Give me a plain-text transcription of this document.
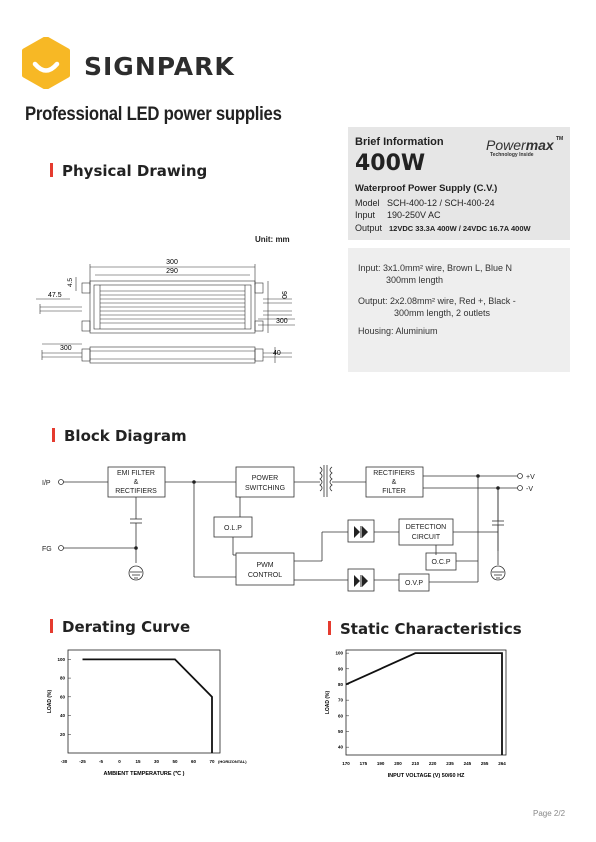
SIGNPARK
Professional LED power supplies
Physical Drawing
Brief Information	Powermax TM
Technology Inside
400W
Waterproof Power Supply (C.V.)
Model SCH-400-12 / SCH-400-24
Input 190-250V AC
Output 12VDC 33.3A 400W / 24VDC 16.7A 400W
Input: 3x1.0mm² wire, Brown L, Blue N
300mm length
Output: 2x2.08mm² wire, Red +, Black -
300mm length, 2 outlets
Housing: Aluminium
Unit: mm
300
290
4.5
47.5	90
300
300
40
Block Diagram
I/P
FG
EMI FILTER
&
RECTIFIERS
POWER
SWITCHING
RECTIFIERS
&
FILTER
O.L.P
PWM
CONTROL
DETECTION
CIRCUIT
O.C.P
O.V.P
+V
-V
Derating Curve	Static Characteristics
-30	-25	-5	0	15	30	50	60	70 (HORIZONTAL)
20
40
60
80
100
AMBIENT TEMPERATURE (℃ )
LOAD (%)
170 175 190 200 210 220 235 245 255 264
40
50
60
70
80
90
100
INPUT VOLTAGE (V) 50/60 HZ
LOAD (%)
Page 2/2
